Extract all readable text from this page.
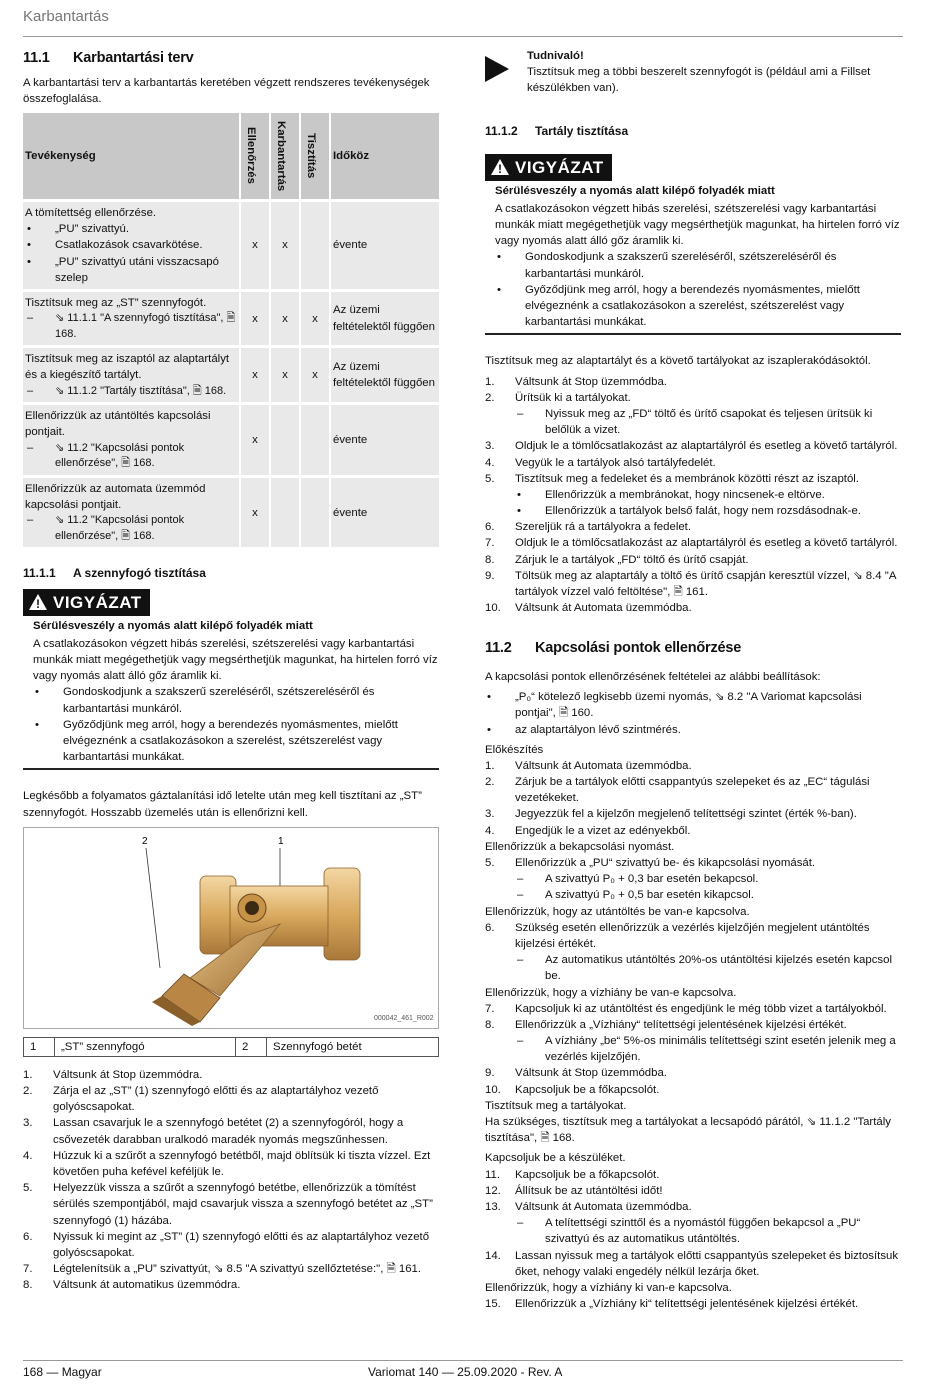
Karbantartás
11.1 Karbantartási terv

A karbantartási terv a karbantartás keretében végzett rendszeres tevékenységek összefoglalása.

Tevékenység	Ellenőrzés	Karbantartás	Tisztítás	Időköz

A tömítettség ellenőrzése.
• „PU” szivattyú.
• Csatlakozások csavarkötése.
• „PU” szivattyú utáni visszacsapó szelep	x	x		évente

Tisztítsuk meg az „ST” szennyfogót.
– ⇘ 11.1.1 "A szennyfogó tisztítása", 🗎 168.	x	x	x	Az üzemi feltételektől függően

Tisztítsuk meg az iszaptól az alaptartályt és a kiegészítő tartályt.
– ⇘ 11.1.2 "Tartály tisztítása", 🗎 168.	x	x	x	Az üzemi feltételektől függően

Ellenőrizzük az utántöltés kapcsolási pontjait.
– ⇘ 11.2 "Kapcsolási pontok ellenőrzése", 🗎 168.	x			évente

Ellenőrizzük az automata üzemmód kapcsolási pontjait.
– ⇘ 11.2 "Kapcsolási pontok ellenőrzése", 🗎 168.	x			évente
11.1.1 A szennyfogó tisztítása
! VIGYÁZAT
Sérülésveszély a nyomás alatt kilépő folyadék miatt
A csatlakozásokon végzett hibás szerelési, szétszerelési vagy karbantartási munkák miatt megégethetjük vagy megsérthetjük magunkat, ha hirtelen forró víz vagy nyomás alatt álló gőz áramlik ki.
• Gondoskodjunk a szakszerű szereléséről, szétszereléséről és karbantartási munkáról.
• Győződjünk meg arról, hogy a berendezés nyomásmentes, mielőtt elvégeznénk a csatlakozásokon a szerelést, szétszerelést vagy karbantartási munkákat.

Legkésőbb a folyamatos gáztalanítási idő letelte után meg kell tisztítani az „ST” szennyfogót. Hosszabb üzemelés után is ellenőrizni kell.

2	1
000042_461_R002
1	„ST” szennyfogó	2	Szennyfogó betét
1. Váltsunk át Stop üzemmódra.
2. Zárja el az „ST” (1) szennyfogó előtti és az alaptartályhoz vezető golyóscsapokat.
3. Lassan csavarjuk le a szennyfogó betétet (2) a szennyfogóról, hogy a csővezeték darabban uralkodó maradék nyomás megszűnhessen.
4. Húzzuk ki a szűrőt a szennyfogó betétből, majd öblítsük ki tiszta vízzel. Ezt követően puha kefével keféljük le.
5. Helyezzük vissza a szűrőt a szennyfogó betétbe, ellenőrizzük a tömítést sérülés szempontjából, majd csavarjuk vissza a szennyfogó betétet az „ST” szennyfogó (1) házába.
6. Nyissuk ki megint az „ST” (1) szennyfogó előtti és az alaptartályhoz vezető golyóscsapokat.
7. Légtelenítsük a „PU” szivattyút, ⇘ 8.5 "A szivattyú szellőztetése:", 🗎 161.
8. Váltsunk át automatikus üzemmódra.
Tudnivaló!
Tisztítsuk meg a többi beszerelt szennyfogót is (például ami a Fillset készülékben van).
11.1.2 Tartály tisztítása
! VIGYÁZAT
Sérülésveszély a nyomás alatt kilépő folyadék miatt
A csatlakozásokon végzett hibás szerelési, szétszerelési vagy karbantartási munkák miatt megégethetjük vagy megsérthetjük magunkat, ha hirtelen forró víz vagy nyomás alatt álló gőz áramlik ki.
• Gondoskodjunk a szakszerű szereléséről, szétszereléséről és karbantartási munkáról.
• Győződjünk meg arról, hogy a berendezés nyomásmentes, mielőtt elvégeznénk a csatlakozásokon a szerelést, szétszerelést vagy karbantartási munkákat.

Tisztítsuk meg az alaptartályt és a követő tartályokat az iszaplerakódásoktól.

1. Váltsunk át Stop üzemmódba.
2. Ürítsük ki a tartályokat.
– Nyissuk meg az „FD“ töltő és ürítő csapokat és teljesen ürítsük ki belőlük a vizet.
3. Oldjuk le a tömlőcsatlakozást az alaptartályról és esetleg a követő tartályról.
4. Vegyük le a tartályok alsó tartályfedelét.
5. Tisztítsuk meg a fedeleket és a membránok közötti részt az iszaptól.
• Ellenőrizzük a membránokat, hogy nincsenek-e eltörve.
• Ellenőrizzük a tartályok belső falát, hogy nem rozsdásodnak-e.
6. Szereljük rá a tartályokra a fedelet.
7. Oldjuk le a tömlőcsatlakozást az alaptartályról és esetleg a követő tartályról.
8. Zárjuk le a tartályok „FD“ töltő és ürítő csapját.
9. Töltsük meg az alaptartály a töltő és ürítő csapján keresztül vízzel, ⇘ 8.4 "A tartályok vízzel való feltöltése", 🗎 161.
10. Váltsunk át Automata üzemmódba.
11.2 Kapcsolási pontok ellenőrzése

A kapcsolási pontok ellenőrzésének feltételei az alábbi beállítások:

• „P₀“ kötelező legkisebb üzemi nyomás, ⇘ 8.2 "A Variomat kapcsolási pontjai", 🗎 160.
• az alaptartályon lévő szintmérés.
Előkészítés
1. Váltsunk át Automata üzemmódba.
2. Zárjuk be a tartályok előtti csappantyús szelepeket és az „EC“ tágulási vezetékeket.
3. Jegyezzük fel a kijelzőn megjelenő telítettségi szintet (érték %-ban).
4. Engedjük le a vizet az edényekből.
Ellenőrizzük a bekapcsolási nyomást.
5. Ellenőrizzük a „PU“ szivattyú be- és kikapcsolási nyomását.
– A szivattyú P₀ + 0,3 bar esetén bekapcsol.
– A szivattyú P₀ + 0,5 bar esetén kikapcsol.
Ellenőrizzük, hogy az utántöltés be van-e kapcsolva.
6. Szükség esetén ellenőrizzük a vezérlés kijelzőjén megjelent utántöltés kijelzési értékét.
– Az automatikus utántöltés 20%-os utántöltési kijelzés esetén kapcsol be.
Ellenőrizzük, hogy a vízhiány be van-e kapcsolva.
7. Kapcsoljuk ki az utántöltést és engedjünk le még több vizet a tartályokból.
8. Ellenőrizzük a „Vízhiány“ telítettségi jelentésének kijelzési értékét.
– A vízhiány „be“ 5%-os minimális telítettségi szint esetén jelenik meg a vezérlés kijelzőjén.
9. Váltsunk át Stop üzemmódba.
10. Kapcsoljuk be a főkapcsolót.
Tisztítsuk meg a tartályokat.
Ha szükséges, tisztítsuk meg a tartályokat a lecsapódó párától, ⇘ 11.1.2 "Tartály tisztítása", 🗎 168.
Kapcsoljuk be a készüléket.
11. Kapcsoljuk be a főkapcsolót.
12. Állítsuk be az utántöltési időt!
13. Váltsunk át Automata üzemmódba.
– A telítettségi szinttől és a nyomástól függően bekapcsol a „PU“ szivattyú és az automatikus utántöltés.
14. Lassan nyissuk meg a tartályok előtti csappantyús szelepeket és biztosítsuk őket, nehogy valaki engedély nélkül lezárja őket.
Ellenőrizzük, hogy a vízhiány ki van-e kapcsolva.
15. Ellenőrizzük a „Vízhiány ki“ telítettségi jelentésének kijelzési értékét.
168 — Magyar	Variomat 140 — 25.09.2020 - Rev. A
